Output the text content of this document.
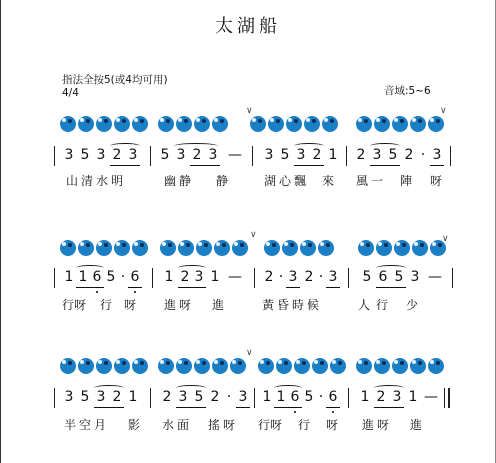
太湖船
指法全按5(或4均可用)
4/4	音域:5~6
∨	∨
3 5 3 2 3 5 3 2 3 — 3 5 3 2 1 2 3 5 2 · 3
山清水明	幽静 静	湖心飄 來 風一 陣 呀
∨	∨
1 1 6 5 · 6 1 2 3 1 — 2 · 3 2 · 3 5 6 5 3 —
行呀 行 呀 進呀 進	黃昏時候	人行 少
∨
3 5 3 2 1 2 3 5 2 · 3 1 1 6 5 · 6 1 2 3 1 —
半空月 影 水面 搖呀 行呀 行 呀 進呀 進
